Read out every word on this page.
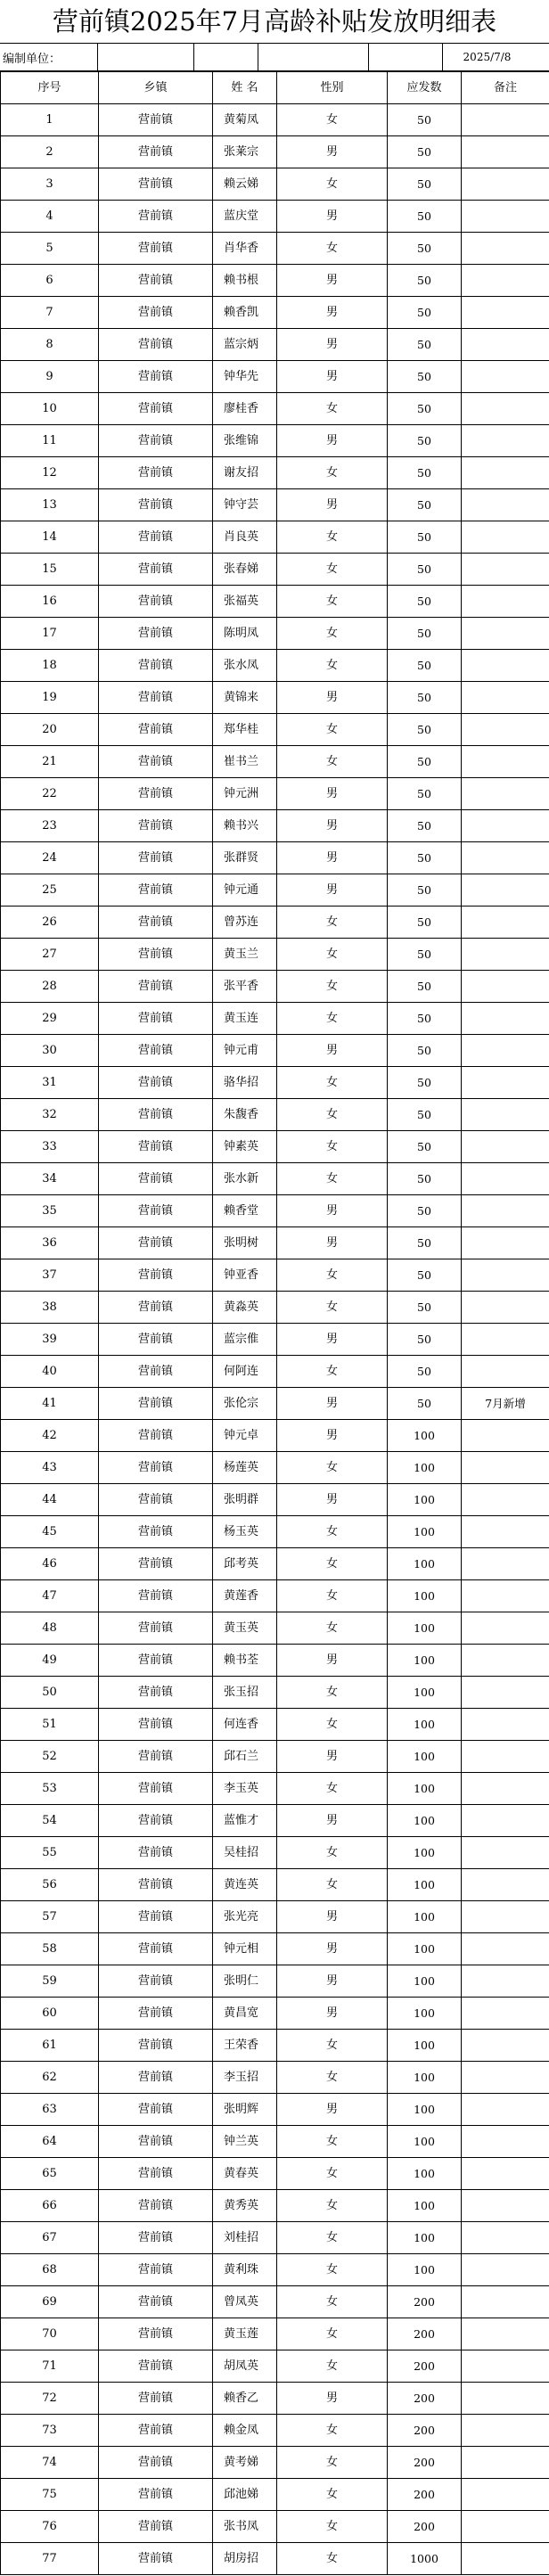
营前镇2025年7月高龄补贴发放明细表
编制单位：	2025/7/8
序号	乡镇	姓 名	性别	应发数	备注
1	营前镇	黄菊凤	女	50	
2	营前镇	张莱宗	男	50	
3	营前镇	赖云娣	女	50	
4	营前镇	蓝庆堂	男	50	
5	营前镇	肖华香	女	50	
6	营前镇	赖书根	男	50	
7	营前镇	赖香凯	男	50	
8	营前镇	蓝宗炳	男	50	
9	营前镇	钟华先	男	50	
10	营前镇	廖桂香	女	50	
11	营前镇	张维锦	男	50	
12	营前镇	谢友招	女	50	
13	营前镇	钟守芸	男	50	
14	营前镇	肖良英	女	50	
15	营前镇	张春娣	女	50	
16	营前镇	张福英	女	50	
17	营前镇	陈明凤	女	50	
18	营前镇	张水凤	女	50	
19	营前镇	黄锦来	男	50	
20	营前镇	郑华桂	女	50	
21	营前镇	崔书兰	女	50	
22	营前镇	钟元洲	男	50	
23	营前镇	赖书兴	男	50	
24	营前镇	张群贤	男	50	
25	营前镇	钟元通	男	50	
26	营前镇	曾苏连	女	50	
27	营前镇	黄玉兰	女	50	
28	营前镇	张平香	女	50	
29	营前镇	黄玉连	女	50	
30	营前镇	钟元甫	男	50	
31	营前镇	骆华招	女	50	
32	营前镇	朱馥香	女	50	
33	营前镇	钟素英	女	50	
34	营前镇	张水新	女	50	
35	营前镇	赖香堂	男	50	
36	营前镇	张明树	男	50	
37	营前镇	钟亚香	女	50	
38	营前镇	黄淼英	女	50	
39	营前镇	蓝宗倠	男	50	
40	营前镇	何阿连	女	50	
41	营前镇	张伦宗	男	50	7月新增
42	营前镇	钟元卓	男	100	
43	营前镇	杨莲英	女	100	
44	营前镇	张明群	男	100	
45	营前镇	杨玉英	女	100	
46	营前镇	邱考英	女	100	
47	营前镇	黄莲香	女	100	
48	营前镇	黄玉英	女	100	
49	营前镇	赖书荃	男	100	
50	营前镇	张玉招	女	100	
51	营前镇	何连香	女	100	
52	营前镇	邱石兰	男	100	
53	营前镇	李玉英	女	100	
54	营前镇	蓝惟才	男	100	
55	营前镇	吴桂招	女	100	
56	营前镇	黄连英	女	100	
57	营前镇	张光亮	男	100	
58	营前镇	钟元相	男	100	
59	营前镇	张明仁	男	100	
60	营前镇	黄昌宽	男	100	
61	营前镇	王荣香	女	100	
62	营前镇	李玉招	女	100	
63	营前镇	张明辉	男	100	
64	营前镇	钟兰英	女	100	
65	营前镇	黄春英	女	100	
66	营前镇	黄秀英	女	100	
67	营前镇	刘桂招	女	100	
68	营前镇	黄利珠	女	100	
69	营前镇	曾凤英	女	200	
70	营前镇	黄玉莲	女	200	
71	营前镇	胡凤英	女	200	
72	营前镇	赖香乙	男	200	
73	营前镇	赖金凤	女	200	
74	营前镇	黄考娣	女	200	
75	营前镇	邱池娣	女	200	
76	营前镇	张书凤	女	200	
77	营前镇	胡房招	女	1000	
